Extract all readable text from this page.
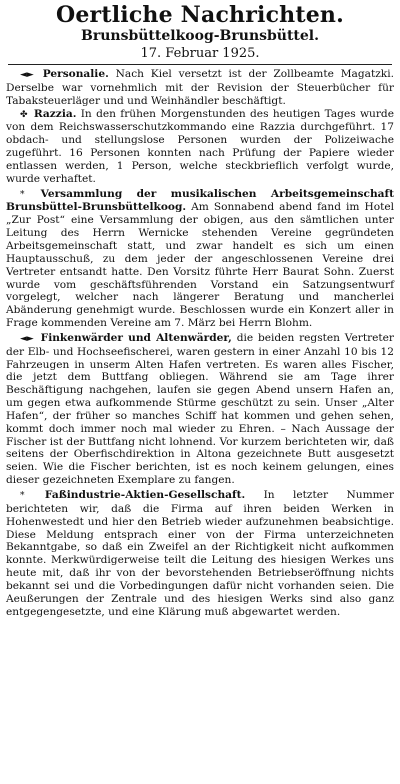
Oertliche Nachrichten.
Brunsbüttelkoog-Brunsbüttel.
17. Februar 1925.

◄► Personalie. Nach Kiel versetzt ist der Zollbeamte Magatzki. Derselbe war vornehmlich mit der Revision der Steuerbücher für Tabaksteuerläger und und Weinhändler beschäftigt.

✤ Razzia. In den frühen Morgenstunden des heutigen Tages wurde von dem Reichswasserschutzkommando eine Razzia durchgeführt. 17 obdach- und stellungslose Personen wurden der Polizeiwache zugeführt. 16 Personen konnten nach Prüfung der Papiere wieder entlassen werden, 1 Person, welche steckbrieflich verfolgt wurde, wurde verhaftet.

* Versammlung der musikalischen Arbeitsgemeinschaft Brunsbüttel-Brunsbüttelkoog. Am Sonnabend abend fand im Hotel „Zur Post“ eine Versammlung der obigen, aus den sämtlichen unter Leitung des Herrn Wernicke stehenden Vereine gegründeten Arbeitsgemeinschaft statt, und zwar handelt es sich um einen Hauptausschuß, zu dem jeder der angeschlossenen Vereine drei Vertreter entsandt hatte. Den Vorsitz führte Herr Baurat Sohn. Zuerst wurde vom geschäftsführenden Vorstand ein Satzungsentwurf vorgelegt, welcher nach längerer Beratung und mancherlei Abänderung genehmigt wurde. Beschlossen wurde ein Konzert aller in Frage kommenden Vereine am 7. März bei Herrn Blohm.

◄► Finkenwärder und Altenwärder, die beiden regsten Vertreter der Elb- und Hochseefischerei, waren gestern in einer Anzahl 10 bis 12 Fahrzeugen in unserm Alten Hafen vertreten. Es waren alles Fischer, die jetzt dem Buttfang obliegen. Während sie am Tage ihrer Beschäftigung nachgehen, laufen sie gegen Abend unsern Hafen an, um gegen etwa aufkommende Stürme geschützt zu sein. Unser „Alter Hafen“, der früher so manches Schiff hat kommen und gehen sehen, kommt doch immer noch mal wieder zu Ehren. – Nach Aussage der Fischer ist der Buttfang nicht lohnend. Vor kurzem berichteten wir, daß seitens der Oberfischdirektion in Altona gezeichnete Butt ausgesetzt seien. Wie die Fischer berichten, ist es noch keinem gelungen, eines dieser gezeichneten Exemplare zu fangen.

* Faßindustrie-Aktien-Gesellschaft. In letzter Nummer berichteten wir, daß die Firma auf ihren beiden Werken in Hohenwestedt und hier den Betrieb wieder aufzunehmen beabsichtige. Diese Meldung entsprach einer von der Firma unterzeichneten Bekanntgabe, so daß ein Zweifel an der Richtigkeit nicht aufkommen konnte. Merkwürdigerweise teilt die Leitung des hiesigen Werkes uns heute mit, daß ihr von der bevorstehenden Betriebseröffnung nichts bekannt sei und die Vorbedingungen dafür nicht vorhanden seien. Die Aeußerungen der Zentrale und des hiesigen Werks sind also ganz entgegengesetzte, und eine Klärung muß abgewartet werden.
